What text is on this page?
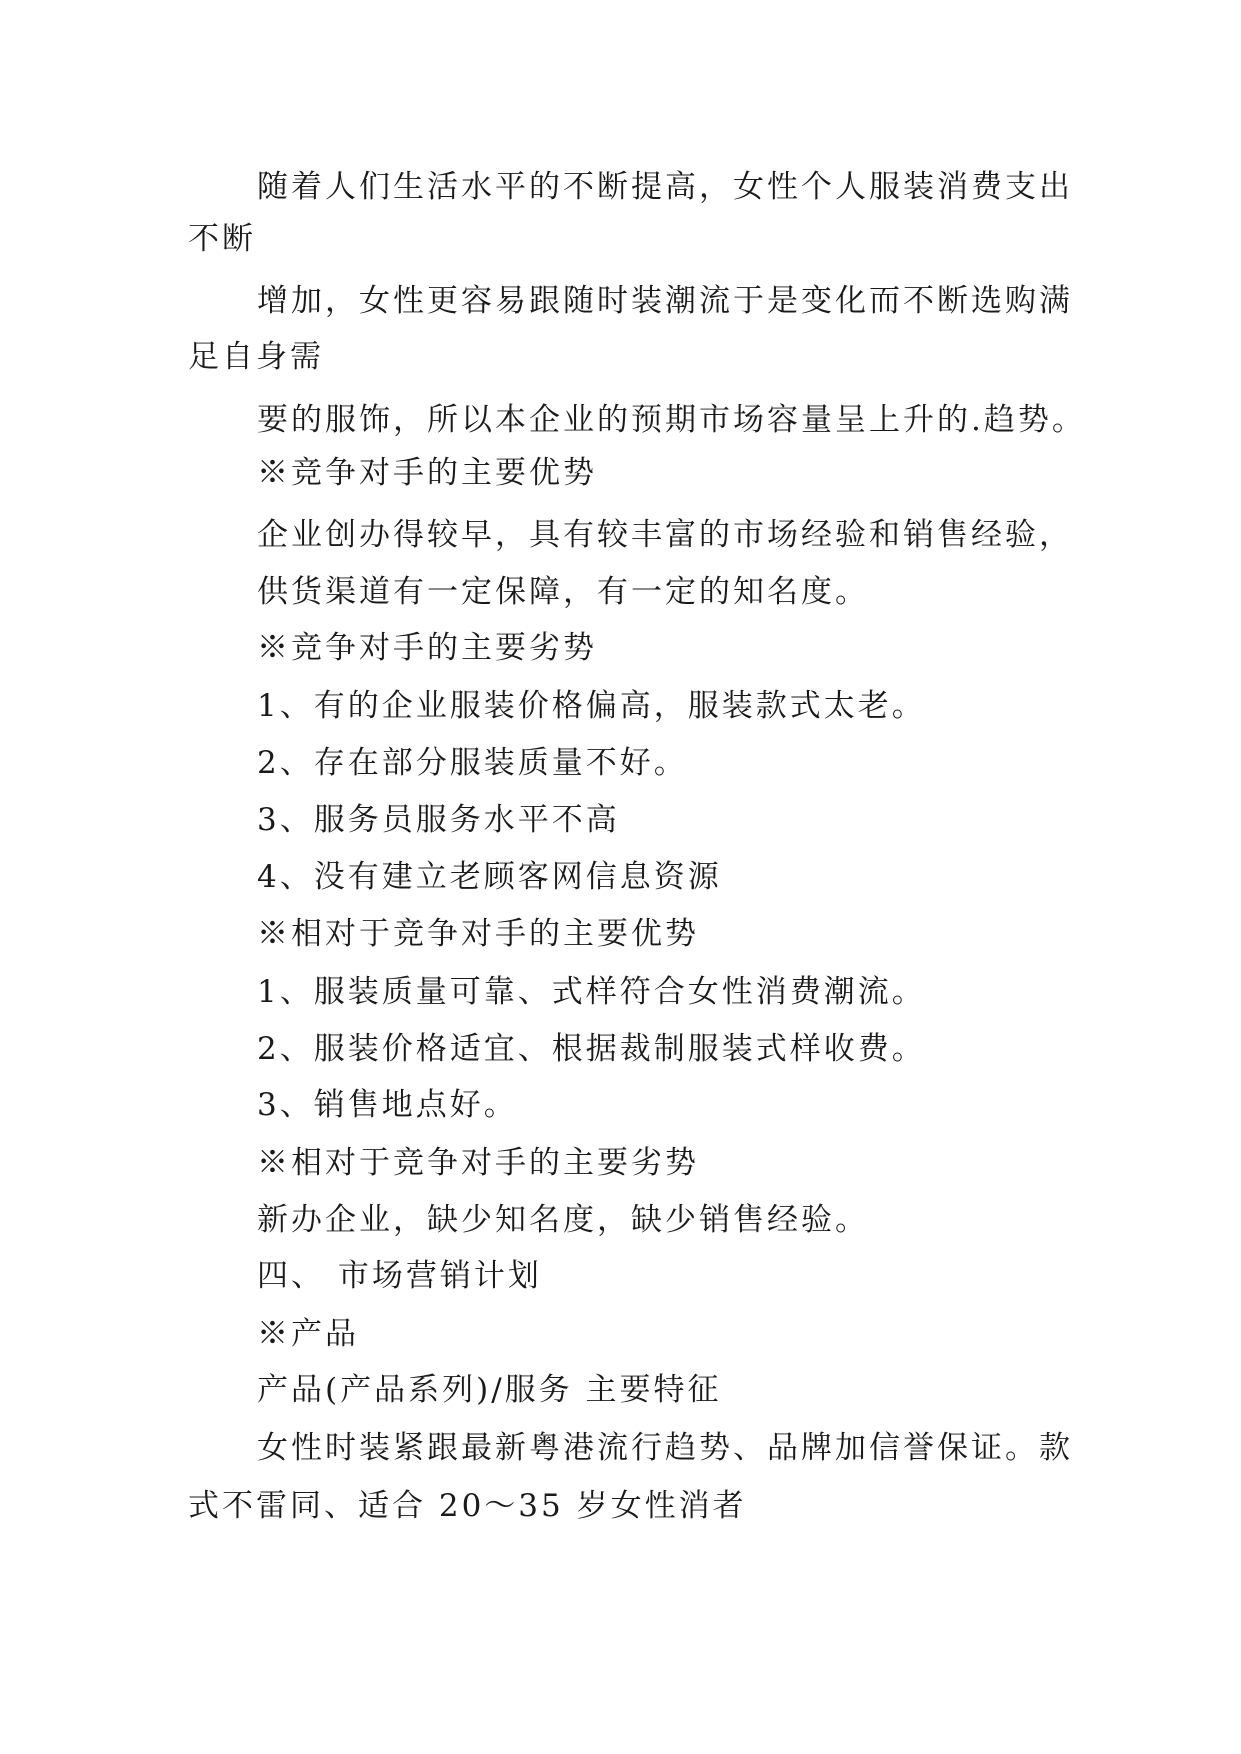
随着人们生活水平的不断提高，女性个人服装消费支出

不断

增加，女性更容易跟随时装潮流于是变化而不断选购满

足自身需

要的服饰，所以本企业的预期市场容量呈上升的.趋势。

※竞争对手的主要优势

企业创办得较早，具有较丰富的市场经验和销售经验，

供货渠道有一定保障，有一定的知名度。

※竞争对手的主要劣势

1、有的企业服装价格偏高，服装款式太老。

2、存在部分服装质量不好。

3、服务员服务水平不高

4、没有建立老顾客网信息资源

※相对于竞争对手的主要优势

1、服装质量可靠、式样符合女性消费潮流。

2、服装价格适宜、根据裁制服装式样收费。

3、销售地点好。

※相对于竞争对手的主要劣势

新办企业，缺少知名度，缺少销售经验。

四、 市场营销计划

※产品

产品(产品系列)/服务 主要特征

女性时装紧跟最新粤港流行趋势、品牌加信誉保证。款

式不雷同、适合 20～35 岁女性消者
